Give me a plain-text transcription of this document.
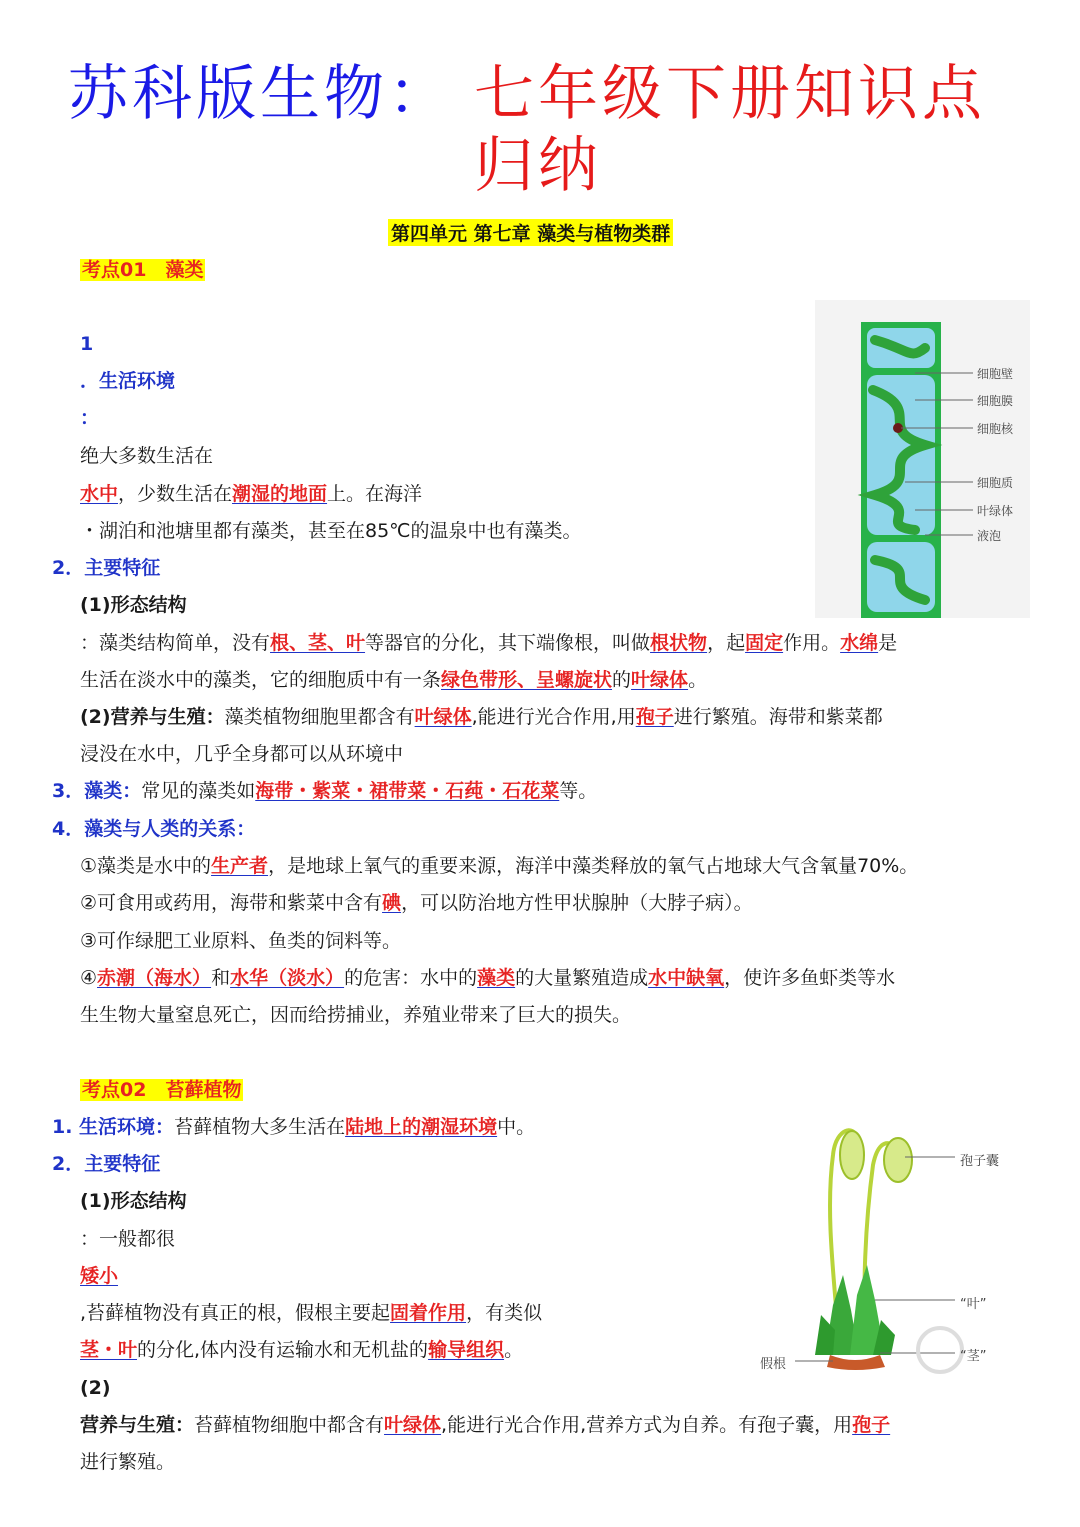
苏科版生物： 七年级下册知识点
归纳
第四单元 第七章 藻类与植物类群
考点01　藻类
1
．生活环境
：
绝大多数生活在
水中，少数生活在潮湿的地面上。在海洋
・湖泊和池塘里都有藻类，甚至在85℃的温泉中也有藻类。
2．主要特征
(1)形态结构
：藻类结构简单，没有根、茎、叶等器官的分化，其下端像根，叫做根状物，起固定作用。水绵是
生活在淡水中的藻类，它的细胞质中有一条绿色带形、呈螺旋状的叶绿体。
(2)营养与生殖：藻类植物细胞里都含有叶绿体,能进行光合作用,用孢子进行繁殖。海带和紫菜都
浸没在水中，几乎全身都可以从环境中
3．藻类：常见的藻类如海带・紫菜・裙带菜・石莼・石花菜等。
4．藻类与人类的关系：
①藻类是水中的生产者，是地球上氧气的重要来源，海洋中藻类释放的氧气占地球大气含氧量70%。
②可食用或药用，海带和紫菜中含有碘，可以防治地方性甲状腺肿（大脖子病）。
③可作绿肥工业原料、鱼类的饲料等。
④赤潮（海水）和水华（淡水）的危害：水中的藻类的大量繁殖造成水中缺氧，使许多鱼虾类等水
生生物大量窒息死亡，因而给捞捕业，养殖业带来了巨大的损失。
细胞壁
细胞膜
细胞核
细胞质
叶绿体
液泡
考点02　苔藓植物
1. 生活环境：苔藓植物大多生活在陆地上的潮湿环境中。
2．主要特征
(1)形态结构
：一般都很
矮小
,苔藓植物没有真正的根，假根主要起固着作用，有类似
茎・叶的分化,体内没有运输水和无机盐的输导组织。
(2)
营养与生殖：苔藓植物细胞中都含有叶绿体,能进行光合作用,营养方式为自养。有孢子囊，用孢子
进行繁殖。
孢子囊
“叶”
“茎”
假根
